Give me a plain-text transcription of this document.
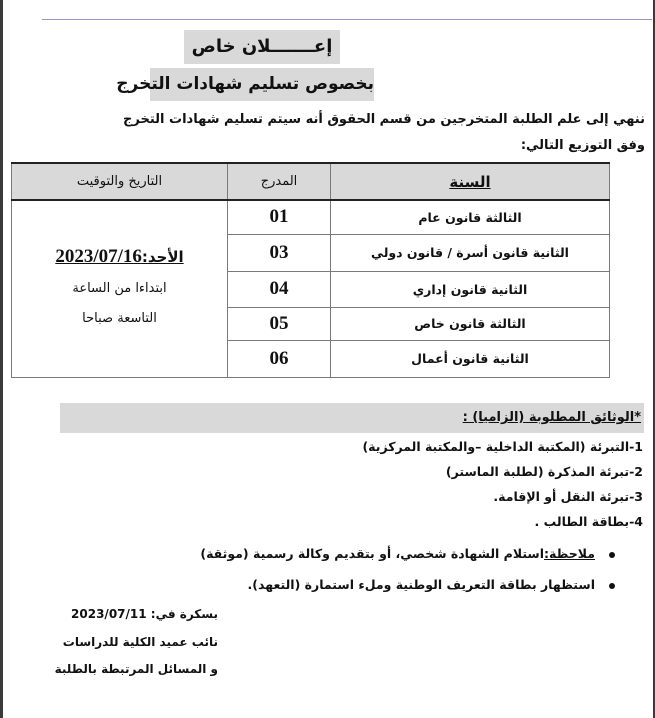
إعـــــــلان خاص
بخصوص تسليم شهادات التخرج
ننهي إلى علم الطلبة المتخرجين من قسم الحقوق أنه سيتم تسليم شهادات التخرج
وفق التوزيع التالي:
السنة	المدرج	التاريخ والتوقيت
الثالثة قانون عام	01	الأحد:2023/07/16
ابتداءا من الساعة
التاسعة صباحا

الثانية قانون أسرة / قانون دولي	03	
الثانية قانون إداري	04	
الثالثة قانون خاص	05	
الثانية قانون أعمال	06	
*الوثائق المطلوبة (الزاميا) :
1-التبرئة (المكتبة الداخلية –والمكتبة المركزية)
2-تبرئة المذكرة (لطلبة الماستر)
3-تبرئة النقل أو الإقامة.
4-بطاقة الطالب .
ملاحظة:استلام الشهادة شخصي، أو بتقديم وكالة رسمية (موثقة)
استظهار بطاقة التعريف الوطنية وملء استمارة (التعهد).
بسكرة في: 2023/07/11
نائب عميد الكلية للدراسات
و المسائل المرتبطة بالطلبة
